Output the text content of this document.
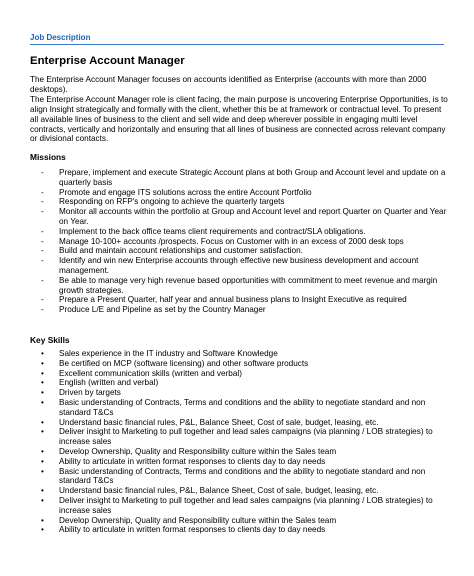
Job Description
Enterprise Account Manager

The Enterprise Account Manager focuses on accounts identified as Enterprise (accounts with more than 2000 desktops).

The Enterprise Account Manager role is client facing, the main purpose is uncovering Enterprise Opportunities, is to align Insight strategically and formally with the client, whether this be at framework or contractual level. To present all available lines of business to the client and sell wide and deep wherever possible in engaging multi level contracts, vertically and horizontally and ensuring that all lines of business are connected across relevant company or divisional contacts.

Missions
- Prepare, implement and execute Strategic Account plans at both Group and Account level and update on a quarterly basis
- Promote and engage ITS solutions across the entire Account Portfolio
- Responding on RFP's ongoing to achieve the quarterly targets
- Monitor all accounts within the portfolio at Group and Account level and report Quarter on Quarter and Year on Year.
- Implement to the back office teams client requirements and contract/SLA obligations.
- Manage 10-100+ accounts /prospects. Focus on Customer with in an excess of 2000 desk tops
- Build and maintain account relationships and customer satisfaction.
- Identify and win new Enterprise accounts through effective new business development and account management.
- Be able to manage very high revenue based opportunities with commitment to meet revenue and margin growth strategies.
- Prepare a Present Quarter, half year and annual business plans to Insight Executive as required
- Produce L/E and Pipeline as set by the Country Manager
Key Skills
• Sales experience in the IT industry and Software Knowledge
• Be certified on MCP (software licensing) and other software products
• Excellent communication skills (written and verbal)
• English (written and verbal)
• Driven by targets
• Basic understanding of Contracts, Terms and conditions and the ability to negotiate standard and non standard T&Cs
• Understand basic financial rules, P&L, Balance Sheet, Cost of sale, budget, leasing, etc.
• Deliver insight to Marketing to pull together and lead sales campaigns (via planning / LOB strategies) to increase sales
• Develop Ownership, Quality and Responsibility culture within the Sales team
• Ability to articulate in written format responses to clients day to day needs
• Basic understanding of Contracts, Terms and conditions and the ability to negotiate standard and non standard T&Cs
• Understand basic financial rules, P&L, Balance Sheet, Cost of sale, budget, leasing, etc.
• Deliver insight to Marketing to pull together and lead sales campaigns (via planning / LOB strategies) to increase sales
• Develop Ownership, Quality and Responsibility culture within the Sales team
• Ability to articulate in written format responses to clients day to day needs
